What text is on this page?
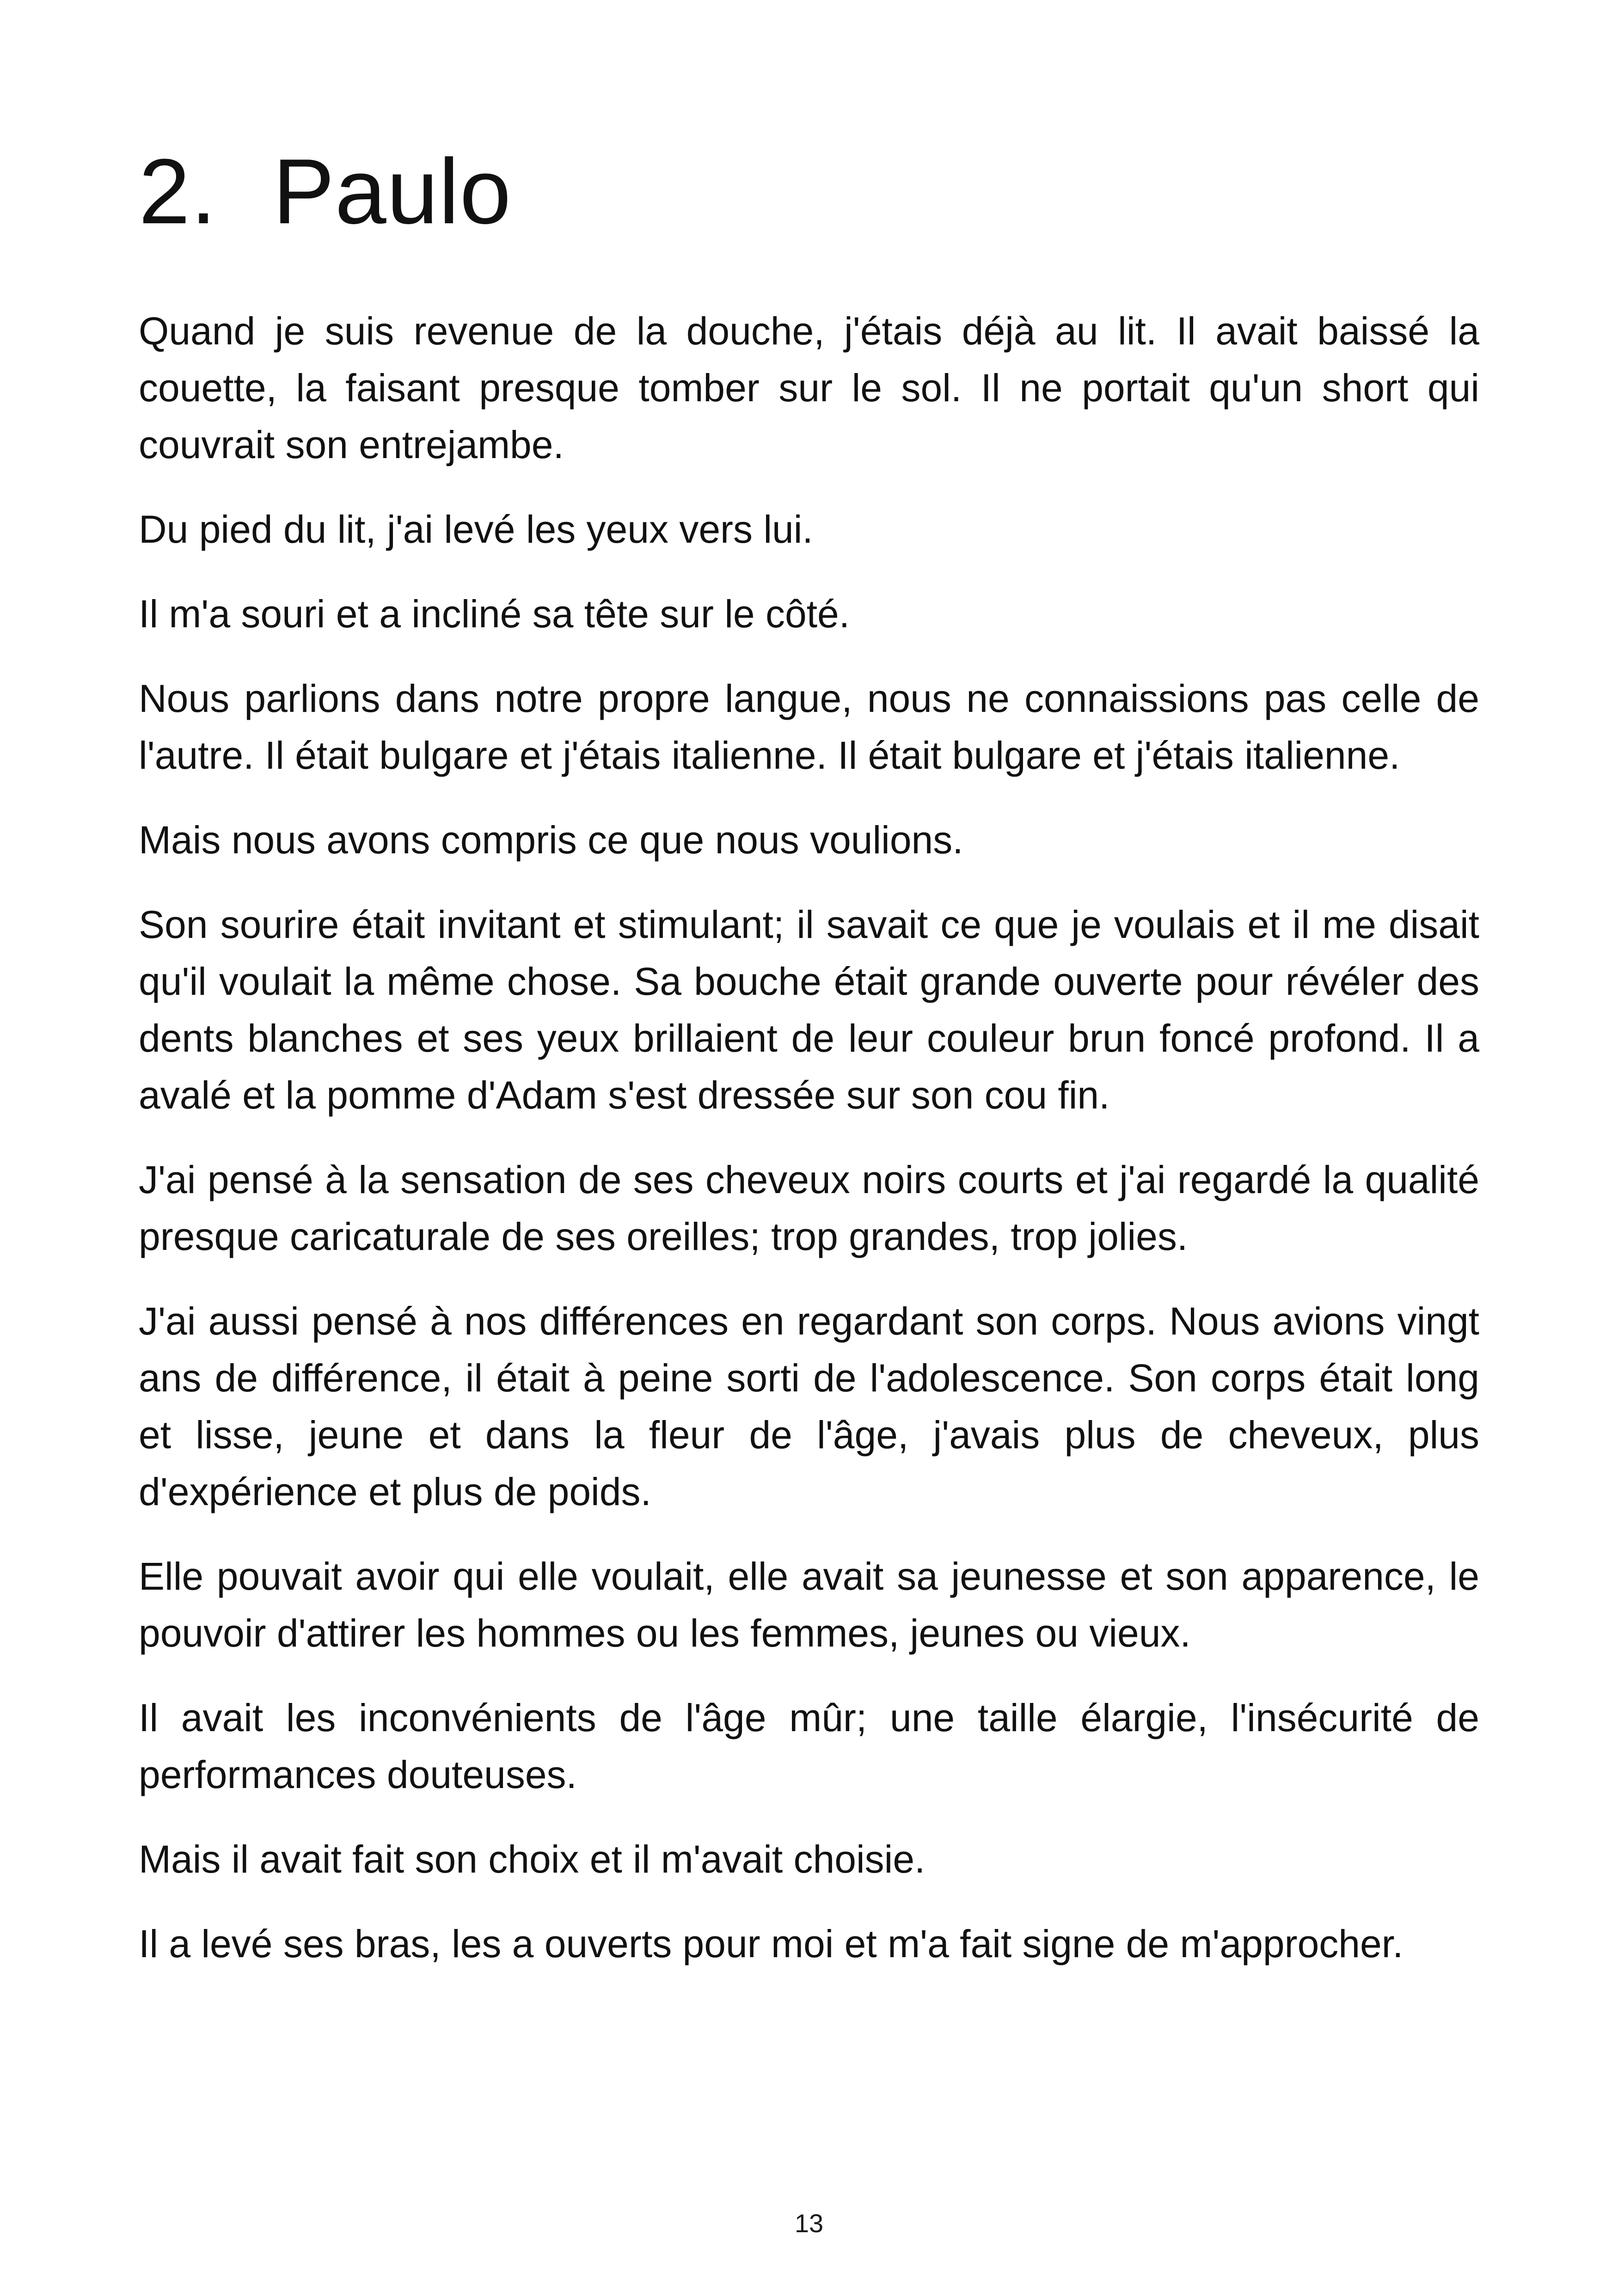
2. Paulo

Quand je suis revenue de la douche, j'étais déjà au lit. Il avait baissé la couette, la faisant presque tomber sur le sol. Il ne portait qu'un short qui couvrait son entrejambe.

Du pied du lit, j'ai levé les yeux vers lui.

Il m'a souri et a incliné sa tête sur le côté.

Nous parlions dans notre propre langue, nous ne connaissions pas celle de l'autre. Il était bulgare et j'étais italienne. Il était bulgare et j'étais italienne.

Mais nous avons compris ce que nous voulions.

Son sourire était invitant et stimulant; il savait ce que je voulais et il me disait qu'il voulait la même chose. Sa bouche était grande ouverte pour révéler des dents blanches et ses yeux brillaient de leur couleur brun foncé profond. Il a avalé et la pomme d'Adam s'est dressée sur son cou fin.

J'ai pensé à la sensation de ses cheveux noirs courts et j'ai regardé la qualité presque caricaturale de ses oreilles; trop grandes, trop jolies.

J'ai aussi pensé à nos différences en regardant son corps. Nous avions vingt ans de différence, il était à peine sorti de l'adolescence. Son corps était long et lisse, jeune et dans la fleur de l'âge, j'avais plus de cheveux, plus d'expérience et plus de poids.

Elle pouvait avoir qui elle voulait, elle avait sa jeunesse et son apparence, le pouvoir d'attirer les hommes ou les femmes, jeunes ou vieux.

Il avait les inconvénients de l'âge mûr; une taille élargie, l'insécurité de performances douteuses.

Mais il avait fait son choix et il m'avait choisie.

Il a levé ses bras, les a ouverts pour moi et m'a fait signe de m'approcher.

13
